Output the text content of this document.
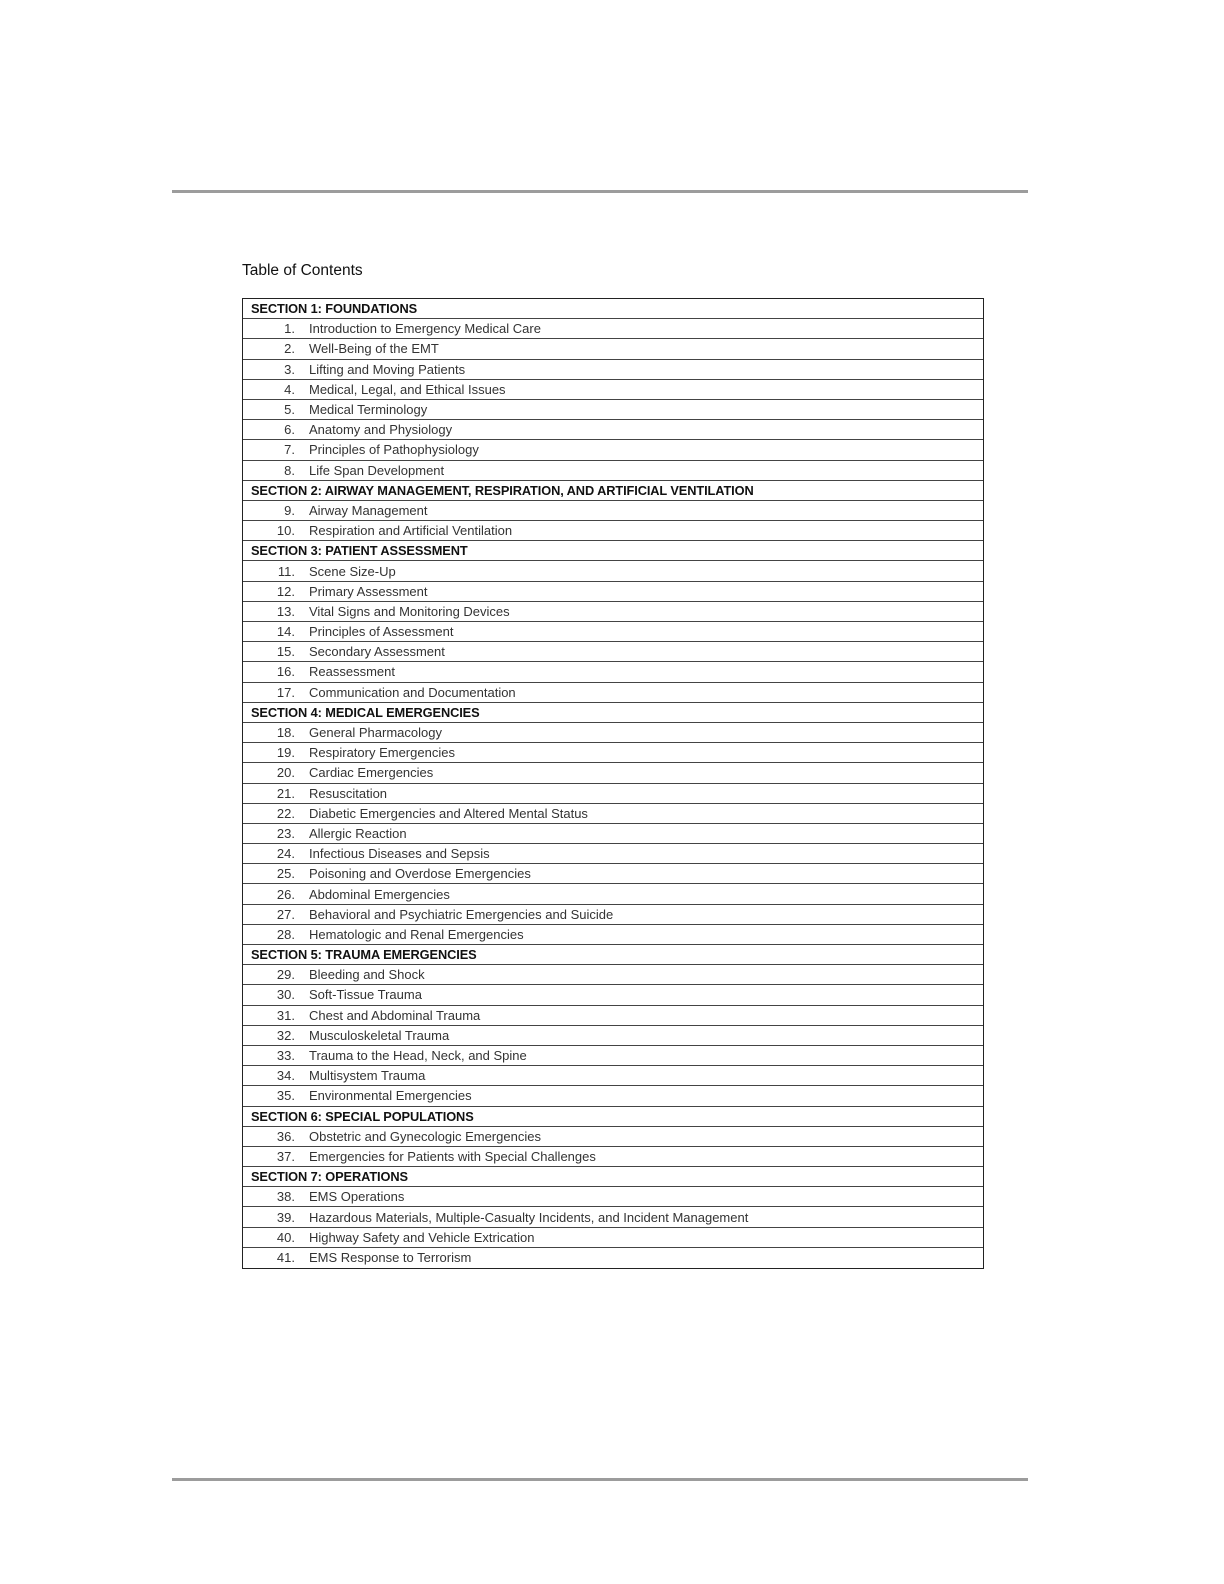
Table of Contents
SECTION 1: FOUNDATIONS
1.	Introduction to Emergency Medical Care
2.	Well-Being of the EMT
3.	Lifting and Moving Patients
4.	Medical, Legal, and Ethical Issues
5.	Medical Terminology
6.	Anatomy and Physiology
7.	Principles of Pathophysiology
8.	Life Span Development
SECTION 2: AIRWAY MANAGEMENT, RESPIRATION, AND ARTIFICIAL VENTILATION
9.	Airway Management
10.	Respiration and Artificial Ventilation
SECTION 3: PATIENT ASSESSMENT
11.	Scene Size-Up
12.	Primary Assessment
13.	Vital Signs and Monitoring Devices
14.	Principles of Assessment
15.	Secondary Assessment
16.	Reassessment
17.	Communication and Documentation
SECTION 4: MEDICAL EMERGENCIES
18.	General Pharmacology
19.	Respiratory Emergencies
20.	Cardiac Emergencies
21.	Resuscitation
22.	Diabetic Emergencies and Altered Mental Status
23.	Allergic Reaction
24.	Infectious Diseases and Sepsis
25.	Poisoning and Overdose Emergencies
26.	Abdominal Emergencies
27.	Behavioral and Psychiatric Emergencies and Suicide
28.	Hematologic and Renal Emergencies
SECTION 5: TRAUMA EMERGENCIES
29.	Bleeding and Shock
30.	Soft-Tissue Trauma
31.	Chest and Abdominal Trauma
32.	Musculoskeletal Trauma
33.	Trauma to the Head, Neck, and Spine
34.	Multisystem Trauma
35.	Environmental Emergencies
SECTION 6: SPECIAL POPULATIONS
36.	Obstetric and Gynecologic Emergencies
37.	Emergencies for Patients with Special Challenges
SECTION 7: OPERATIONS
38.	EMS Operations
39.	Hazardous Materials, Multiple-Casualty Incidents, and Incident Management
40.	Highway Safety and Vehicle Extrication
41.	EMS Response to Terrorism
